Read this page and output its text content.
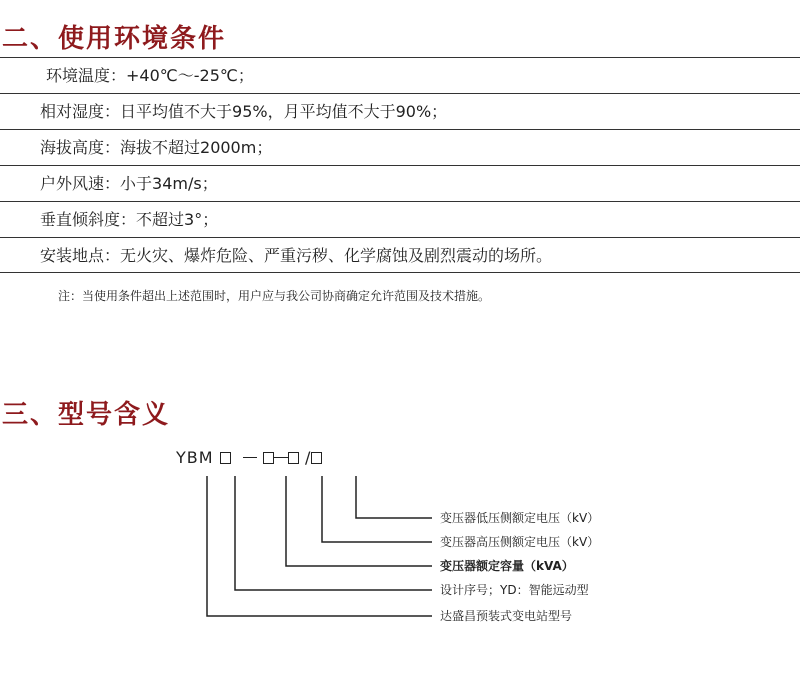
二、使用环境条件
环境温度：+40℃～-25℃；
相对湿度：日平均值不大于95%，月平均值不大于90%；
海拔高度：海拔不超过2000m；
户外风速：小于34m/s；
垂直倾斜度：不超过3°；
安装地点：无火灾、爆炸危险、严重污秽、化学腐蚀及剧烈震动的场所。

注：当使用条件超出上述范围时，用户应与我公司协商确定允许范围及技术措施。

三、型号含义
YBM	/
变压器低压侧额定电压（kV）
变压器高压侧额定电压（kV）
变压器额定容量（kVA）
设计序号；YD：智能远动型
达盛昌预装式变电站型号
